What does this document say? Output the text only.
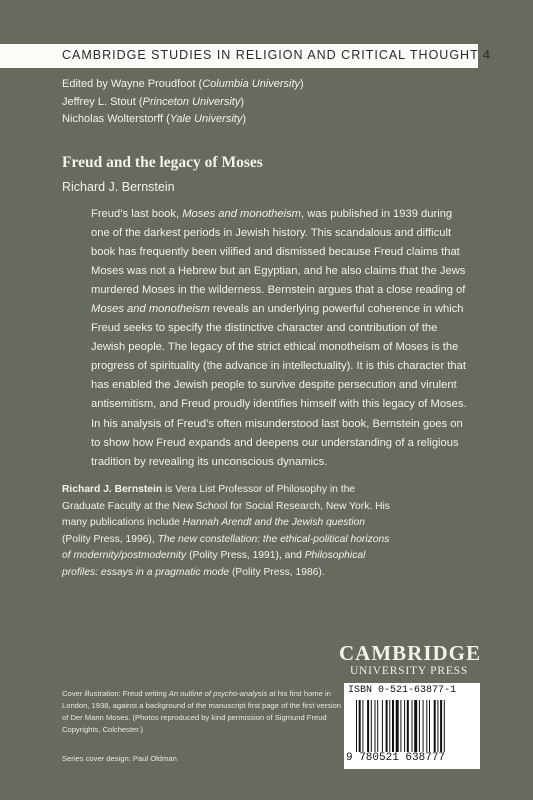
CAMBRIDGE STUDIES IN RELIGION AND CRITICAL THOUGHT 4
Edited by Wayne Proudfoot (Columbia University)
Jeffrey L. Stout (Princeton University)
Nicholas Wolterstorff (Yale University)
Freud and the legacy of Moses
Richard J. Bernstein

Freud’s last book, Moses and monotheism, was published in 1939 during one of the darkest periods in Jewish history. This scandalous and difficult book has frequently been vilified and dismissed because Freud claims that Moses was not a Hebrew but an Egyptian, and he also claims that the Jews murdered Moses in the wilderness. Bernstein argues that a close reading of Moses and monotheism reveals an underlying powerful coherence in which Freud seeks to specify the distinctive character and contribution of the Jewish people. The legacy of the strict ethical monotheism of Moses is the progress of spirituality (the advance in intellectuality). It is this character that has enabled the Jewish people to survive despite persecution and virulent antisemitism, and Freud proudly identifies himself with this legacy of Moses. In his analysis of Freud’s often misunderstood last book, Bernstein goes on to show how Freud expands and deepens our understanding of a religious tradition by revealing its unconscious dynamics.

Richard J. Bernstein is Vera List Professor of Philosophy in the Graduate Faculty at the New School for Social Research, New York. His many publications include Hannah Arendt and the Jewish question (Polity Press, 1996), The new constellation: the ethical-political horizons of modernity/postmodernity (Polity Press, 1991), and Philosophical profiles: essays in a pragmatic mode (Polity Press, 1986).

CAMBRIDGE
UNIVERSITY PRESS
ISBN 0-521-63877-1
9 780521 638777

Cover illustration: Freud writing An outline of psycho-analysis at his first home in London, 1938, against a background of the manuscript first page of the first version of Der Mann Moses. (Photos reproduced by kind permission of Sigmund Freud Copyrights, Colchester.)

Series cover design: Paul Oldman
